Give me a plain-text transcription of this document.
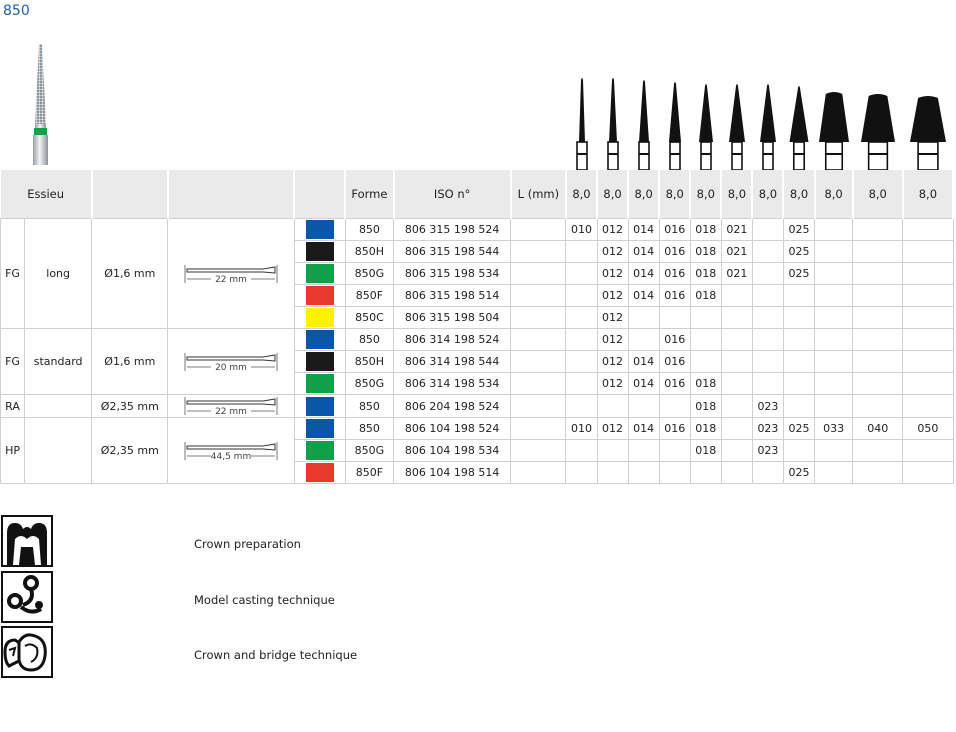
850
Essieu					Forme	ISO n°	L (mm)	8,0	8,0	8,0	8,0	8,0	8,0	8,0	8,0	8,0	8,0	8,0
FG	long	Ø1,6 mm	22 mm		850	806 315 198 524		010	012	014	016	018	021		025			

					850H	806 315 198 544			012	014	016	018	021		025			

					850G	806 315 198 534			012	014	016	018	021		025			

					850F	806 315 198 514			012	014	016	018						

					850C	806 315 198 504			012									
FG	standard	Ø1,6 mm	20 mm		850	806 314 198 524			012		016							

					850H	806 314 198 544			012	014	016							

					850G	806 314 198 534			012	014	016	018						
RA		Ø2,35 mm	22 mm		850	806 204 198 524						018		023				
HP		Ø2,35 mm	44,5 mm		850	806 104 198 524		010	012	014	016	018		023	025	033	040	050

					850G	806 104 198 534						018		023				

					850F	806 104 198 514									025			
Crown preparation
Model casting technique
Crown and bridge technique
